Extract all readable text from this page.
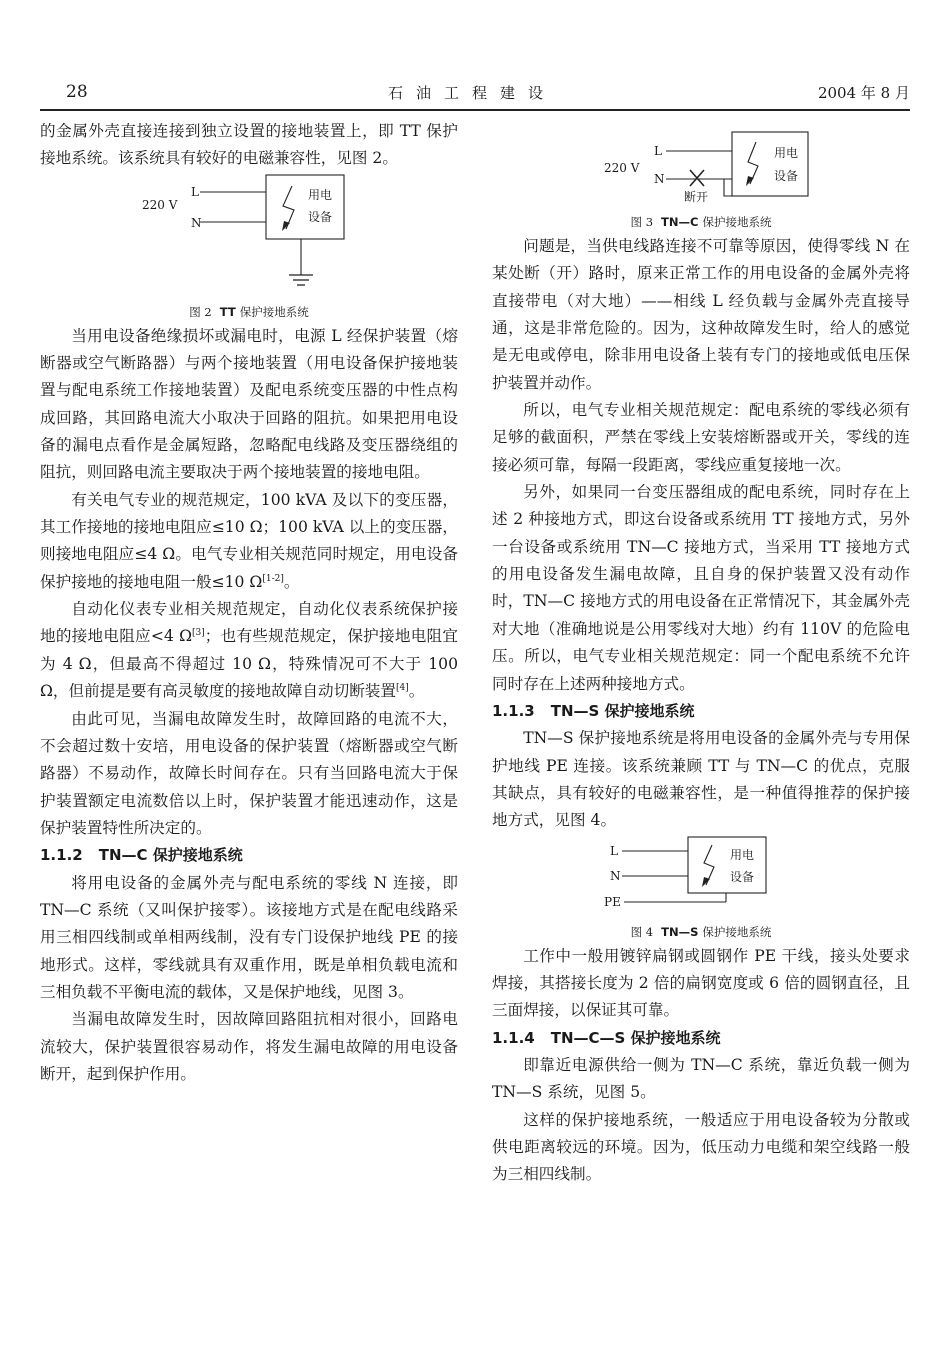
28	石油工程建设	2004 年 8 月

的金属外壳直接连接到独立设置的接地装置上，即 TT 保护接地系统。该系统具有较好的电磁兼容性，见图 2。

220 V
L
N
用电
设备
图 2 TT 保护接地系统

当用电设备绝缘损坏或漏电时，电源 L 经保护装置（熔断器或空气断路器）与两个接地装置（用电设备保护接地装置与配电系统工作接地装置）及配电系统变压器的中性点构成回路，其回路电流大小取决于回路的阻抗。如果把用电设备的漏电点看作是金属短路，忽略配电线路及变压器绕组的阻抗，则回路电流主要取决于两个接地装置的接地电阻。

有关电气专业的规范规定，100 kVA 及以下的变压器，其工作接地的接地电阻应≤10 Ω；100 kVA 以上的变压器，则接地电阻应≤4 Ω。电气专业相关规范同时规定，用电设备保护接地的接地电阻一般≤10 Ω[1-2]。

自动化仪表专业相关规范规定，自动化仪表系统保护接地的接地电阻应<4 Ω[3]；也有些规范规定，保护接地电阻宜为 4 Ω，但最高不得超过 10 Ω，特殊情况可不大于 100 Ω，但前提是要有高灵敏度的接地故障自动切断装置[4]。

由此可见，当漏电故障发生时，故障回路的电流不大，不会超过数十安培，用电设备的保护装置（熔断器或空气断路器）不易动作，故障长时间存在。只有当回路电流大于保护装置额定电流数倍以上时，保护装置才能迅速动作，这是保护装置特性所决定的。

1.1.2 TN—C 保护接地系统

将用电设备的金属外壳与配电系统的零线 N 连接，即 TN—C 系统（又叫保护接零）。该接地方式是在配电线路采用三相四线制或单相两线制，没有专门设保护地线 PE 的接地形式。这样，零线就具有双重作用，既是单相负载电流和三相负载不平衡电流的载体，又是保护地线，见图 3。

当漏电故障发生时，因故障回路阻抗相对很小，回路电流较大，保护装置很容易动作，将发生漏电故障的用电设备断开，起到保护作用。

220 V
L
N
断开
用电
设备
图 3 TN—C 保护接地系统

问题是，当供电线路连接不可靠等原因，使得零线 N 在某处断（开）路时，原来正常工作的用电设备的金属外壳将直接带电（对大地）——相线 L 经负载与金属外壳直接导通，这是非常危险的。因为，这种故障发生时，给人的感觉是无电或停电，除非用电设备上装有专门的接地或低电压保护装置并动作。

所以，电气专业相关规范规定：配电系统的零线必须有足够的截面积，严禁在零线上安装熔断器或开关，零线的连接必须可靠，每隔一段距离，零线应重复接地一次。

另外，如果同一台变压器组成的配电系统，同时存在上述 2 种接地方式，即这台设备或系统用 TT 接地方式，另外一台设备或系统用 TN—C 接地方式，当采用 TT 接地方式的用电设备发生漏电故障，且自身的保护装置又没有动作时，TN—C 接地方式的用电设备在正常情况下，其金属外壳对大地（准确地说是公用零线对大地）约有 110V 的危险电压。所以，电气专业相关规范规定：同一个配电系统不允许同时存在上述两种接地方式。

1.1.3 TN—S 保护接地系统

TN—S 保护接地系统是将用电设备的金属外壳与专用保护地线 PE 连接。该系统兼顾 TT 与 TN—C 的优点，克服其缺点，具有较好的电磁兼容性，是一种值得推荐的保护接地方式，见图 4。

L
N
PE
用电
设备
图 4 TN—S 保护接地系统

工作中一般用镀锌扁钢或圆钢作 PE 干线，接头处要求焊接，其搭接长度为 2 倍的扁钢宽度或 6 倍的圆钢直径，且三面焊接，以保证其可靠。

1.1.4 TN—C—S 保护接地系统

即靠近电源供给一侧为 TN—C 系统，靠近负载一侧为 TN—S 系统，见图 5。

这样的保护接地系统，一般适应于用电设备较为分散或供电距离较远的环境。因为，低压动力电缆和架空线路一般为三相四线制。
